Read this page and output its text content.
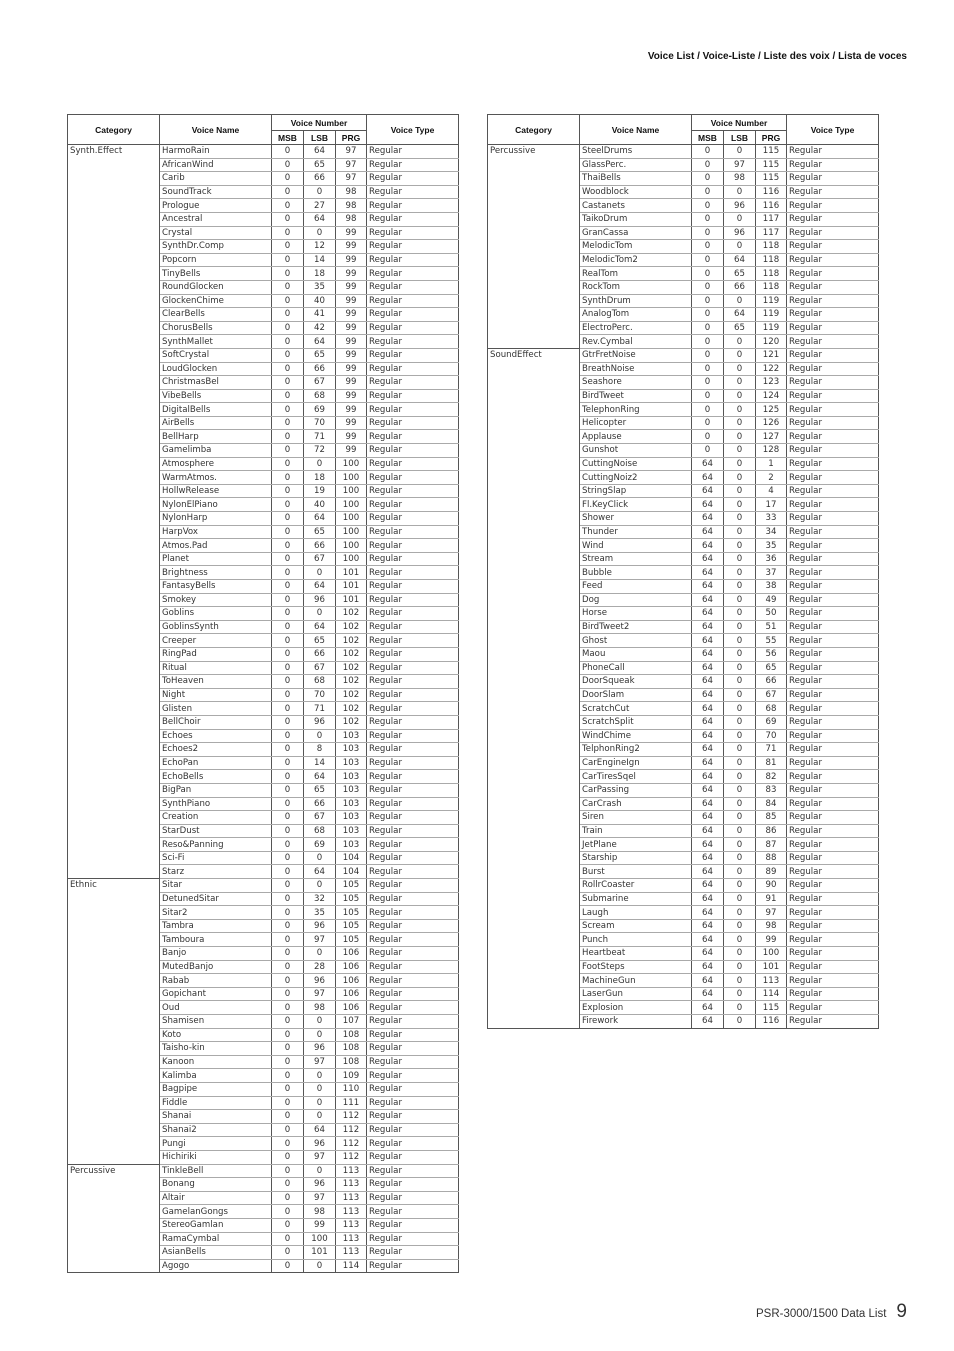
Voice List / Voice-Liste / Liste des voix / Lista de voces
Category	Voice Name	Voice Number			Voice Type
		MSB	LSB	PRG	
Synth.Effect	HarmoRain	0	64	97	Regular
	AfricanWind	0	65	97	Regular
	Carib	0	66	97	Regular
	SoundTrack	0	0	98	Regular
	Prologue	0	27	98	Regular
	Ancestral	0	64	98	Regular
	Crystal	0	0	99	Regular
	SynthDr.Comp	0	12	99	Regular
	Popcorn	0	14	99	Regular
	TinyBells	0	18	99	Regular
	RoundGlocken	0	35	99	Regular
	GlockenChime	0	40	99	Regular
	ClearBells	0	41	99	Regular
	ChorusBells	0	42	99	Regular
	SynthMallet	0	64	99	Regular
	SoftCrystal	0	65	99	Regular
	LoudGlocken	0	66	99	Regular
	ChristmasBel	0	67	99	Regular
	VibeBells	0	68	99	Regular
	DigitalBells	0	69	99	Regular
	AirBells	0	70	99	Regular
	BellHarp	0	71	99	Regular
	Gamelimba	0	72	99	Regular
	Atmosphere	0	0	100	Regular
	WarmAtmos.	0	18	100	Regular
	HollwRelease	0	19	100	Regular
	NylonElPiano	0	40	100	Regular
	NylonHarp	0	64	100	Regular
	HarpVox	0	65	100	Regular
	Atmos.Pad	0	66	100	Regular
	Planet	0	67	100	Regular
	Brightness	0	0	101	Regular
	FantasyBells	0	64	101	Regular
	Smokey	0	96	101	Regular
	Goblins	0	0	102	Regular
	GoblinsSynth	0	64	102	Regular
	Creeper	0	65	102	Regular
	RingPad	0	66	102	Regular
	Ritual	0	67	102	Regular
	ToHeaven	0	68	102	Regular
	Night	0	70	102	Regular
	Glisten	0	71	102	Regular
	BellChoir	0	96	102	Regular
	Echoes	0	0	103	Regular
	Echoes2	0	8	103	Regular
	EchoPan	0	14	103	Regular
	EchoBells	0	64	103	Regular
	BigPan	0	65	103	Regular
	SynthPiano	0	66	103	Regular
	Creation	0	67	103	Regular
	StarDust	0	68	103	Regular
	Reso&Panning	0	69	103	Regular
	Sci-Fi	0	0	104	Regular
	Starz	0	64	104	Regular
Ethnic	Sitar	0	0	105	Regular
	DetunedSitar	0	32	105	Regular
	Sitar2	0	35	105	Regular
	Tambra	0	96	105	Regular
	Tamboura	0	97	105	Regular
	Banjo	0	0	106	Regular
	MutedBanjo	0	28	106	Regular
	Rabab	0	96	106	Regular
	Gopichant	0	97	106	Regular
	Oud	0	98	106	Regular
	Shamisen	0	0	107	Regular
	Koto	0	0	108	Regular
	Taisho-kin	0	96	108	Regular
	Kanoon	0	97	108	Regular
	Kalimba	0	0	109	Regular
	Bagpipe	0	0	110	Regular
	Fiddle	0	0	111	Regular
	Shanai	0	0	112	Regular
	Shanai2	0	64	112	Regular
	Pungi	0	96	112	Regular
	Hichiriki	0	97	112	Regular
Percussive	TinkleBell	0	0	113	Regular
	Bonang	0	96	113	Regular
	Altair	0	97	113	Regular
	GamelanGongs	0	98	113	Regular
	StereoGamlan	0	99	113	Regular
	RamaCymbal	0	100	113	Regular
	AsianBells	0	101	113	Regular
	Agogo	0	0	114	Regular
Category	Voice Name	Voice Number			Voice Type
		MSB	LSB	PRG	
Percussive	SteelDrums	0	0	115	Regular
	GlassPerc.	0	97	115	Regular
	ThaiBells	0	98	115	Regular
	Woodblock	0	0	116	Regular
	Castanets	0	96	116	Regular
	TaikoDrum	0	0	117	Regular
	GranCassa	0	96	117	Regular
	MelodicTom	0	0	118	Regular
	MelodicTom2	0	64	118	Regular
	RealTom	0	65	118	Regular
	RockTom	0	66	118	Regular
	SynthDrum	0	0	119	Regular
	AnalogTom	0	64	119	Regular
	ElectroPerc.	0	65	119	Regular
	Rev.Cymbal	0	0	120	Regular
SoundEffect	GtrFretNoise	0	0	121	Regular
	BreathNoise	0	0	122	Regular
	Seashore	0	0	123	Regular
	BirdTweet	0	0	124	Regular
	TelephonRing	0	0	125	Regular
	Helicopter	0	0	126	Regular
	Applause	0	0	127	Regular
	Gunshot	0	0	128	Regular
	CuttingNoise	64	0	1	Regular
	CuttingNoiz2	64	0	2	Regular
	StringSlap	64	0	4	Regular
	Fl.KeyClick	64	0	17	Regular
	Shower	64	0	33	Regular
	Thunder	64	0	34	Regular
	Wind	64	0	35	Regular
	Stream	64	0	36	Regular
	Bubble	64	0	37	Regular
	Feed	64	0	38	Regular
	Dog	64	0	49	Regular
	Horse	64	0	50	Regular
	BirdTweet2	64	0	51	Regular
	Ghost	64	0	55	Regular
	Maou	64	0	56	Regular
	PhoneCall	64	0	65	Regular
	DoorSqueak	64	0	66	Regular
	DoorSlam	64	0	67	Regular
	ScratchCut	64	0	68	Regular
	ScratchSplit	64	0	69	Regular
	WindChime	64	0	70	Regular
	TelphonRing2	64	0	71	Regular
	CarEngineIgn	64	0	81	Regular
	CarTiresSqel	64	0	82	Regular
	CarPassing	64	0	83	Regular
	CarCrash	64	0	84	Regular
	Siren	64	0	85	Regular
	Train	64	0	86	Regular
	JetPlane	64	0	87	Regular
	Starship	64	0	88	Regular
	Burst	64	0	89	Regular
	RollrCoaster	64	0	90	Regular
	Submarine	64	0	91	Regular
	Laugh	64	0	97	Regular
	Scream	64	0	98	Regular
	Punch	64	0	99	Regular
	Heartbeat	64	0	100	Regular
	FootSteps	64	0	101	Regular
	MachineGun	64	0	113	Regular
	LaserGun	64	0	114	Regular
	Explosion	64	0	115	Regular
	Firework	64	0	116	Regular
PSR-3000/1500 Data List 9
